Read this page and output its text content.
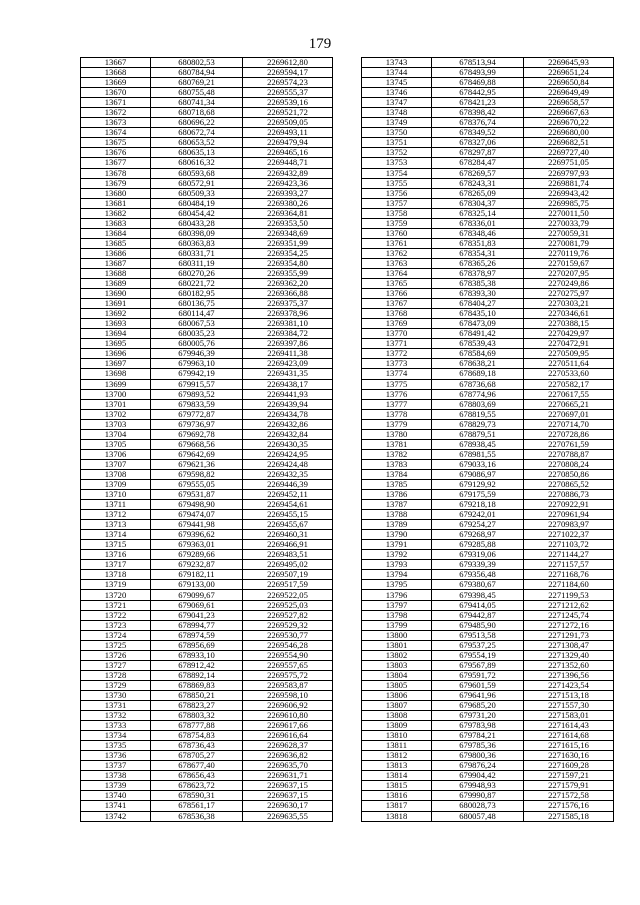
179
13667	680802,53	2269612,80
13668	680784,94	2269594,17
13669	680769,21	2269574,23
13670	680755,48	2269555,37
13671	680741,34	2269539,16
13672	680718,68	2269521,72
13673	680696,22	2269509,05
13674	680672,74	2269493,11
13675	680653,52	2269479,94
13676	680635,13	2269465,16
13677	680616,32	2269448,71
13678	680593,68	2269432,89
13679	680572,91	2269423,36
13680	680509,33	2269393,27
13681	680484,19	2269380,26
13682	680454,42	2269364,81
13683	680433,28	2269353,50
13684	680398,09	2269348,69
13685	680363,83	2269351,99
13686	680331,71	2269354,25
13687	680311,19	2269354,80
13688	680270,26	2269355,99
13689	680221,72	2269362,20
13690	680182,95	2269366,88
13691	680136,75	2269375,37
13692	680114,47	2269378,96
13693	680067,53	2269381,10
13694	680035,23	2269384,72
13695	680005,76	2269397,86
13696	679946,39	2269411,38
13697	679963,10	2269423,09
13698	679942,19	2269431,35
13699	679915,57	2269438,17
13700	679893,52	2269441,93
13701	679833,59	2269439,94
13702	679772,87	2269434,78
13703	679736,97	2269432,86
13704	679692,78	2269432,84
13705	679668,56	2269430,35
13706	679642,69	2269424,95
13707	679621,36	2269424,48
13708	679598,82	2269432,35
13709	679555,05	2269446,39
13710	679531,87	2269452,11
13711	679498,90	2269454,61
13712	679474,07	2269455,15
13713	679441,98	2269455,67
13714	679396,62	2269460,31
13715	679363,01	2269466,91
13716	679289,66	2269483,51
13717	679232,87	2269495,02
13718	679182,11	2269507,19
13719	679133,00	2269517,59
13720	679099,67	2269522,05
13721	679069,61	2269525,03
13722	679041,23	2269527,82
13723	678994,77	2269529,32
13724	678974,59	2269530,77
13725	678956,69	2269546,28
13726	678933,10	2269554,90
13727	678912,42	2269557,65
13728	678892,14	2269575,72
13729	678869,83	2269583,87
13730	678850,21	2269598,10
13731	678823,27	2269606,92
13732	678803,32	2269610,80
13733	678777,88	2269617,66
13734	678754,83	2269616,64
13735	678736,43	2269628,37
13736	678705,27	2269636,82
13737	678677,40	2269635,70
13738	678656,43	2269631,71
13739	678623,72	2269637,15
13740	678590,31	2269637,15
13741	678561,17	2269630,17
13742	678536,38	2269635,55
13743	678513,94	2269645,93
13744	678493,99	2269651,24
13745	678469,88	2269650,84
13746	678442,95	2269649,49
13747	678421,23	2269658,57
13748	678398,42	2269667,63
13749	678376,74	2269670,22
13750	678349,52	2269680,00
13751	678327,06	2269682,51
13752	678297,87	2269727,40
13753	678284,47	2269751,05
13754	678269,57	2269797,93
13755	678243,31	2269881,74
13756	678265,09	2269943,42
13757	678304,37	2269985,75
13758	678325,14	2270011,50
13759	678336,01	2270033,79
13760	678348,46	2270059,31
13761	678351,83	2270081,79
13762	678354,31	2270119,76
13763	678365,26	2270159,67
13764	678378,97	2270207,95
13765	678385,38	2270249,86
13766	678393,30	2270275,97
13767	678404,27	2270303,21
13768	678435,10	2270346,61
13769	678473,09	2270388,15
13770	678491,42	2270429,97
13771	678539,43	2270472,91
13772	678584,69	2270509,95
13773	678638,21	2270511,64
13774	678689,18	2270533,60
13775	678736,68	2270582,17
13776	678774,96	2270617,55
13777	678803,69	2270665,21
13778	678819,55	2270697,01
13779	678829,73	2270714,70
13780	678879,51	2270728,86
13781	678938,45	2270761,59
13782	678981,55	2270788,87
13783	679033,16	2270808,24
13784	679086,97	2270850,86
13785	679129,92	2270865,52
13786	679175,59	2270886,73
13787	679218,18	2270922,91
13788	679242,01	2270961,94
13789	679254,27	2270983,97
13790	679268,97	2271022,37
13791	679285,88	2271103,72
13792	679319,06	2271144,27
13793	679339,39	2271157,57
13794	679356,48	2271168,76
13795	679380,67	2271184,60
13796	679398,45	2271199,53
13797	679414,05	2271212,62
13798	679442,87	2271245,74
13799	679485,90	2271272,16
13800	679513,58	2271291,73
13801	679537,25	2271308,47
13802	679554,19	2271329,40
13803	679567,89	2271352,60
13804	679591,72	2271396,56
13805	679601,59	2271423,54
13806	679641,96	2271513,18
13807	679685,20	2271557,30
13808	679731,20	2271583,01
13809	679783,98	2271614,43
13810	679784,21	2271614,68
13811	679785,36	2271615,16
13812	679800,36	2271630,16
13813	679876,24	2271609,28
13814	679904,42	2271597,21
13815	679948,93	2271579,91
13816	679990,87	2271572,58
13817	680028,73	2271576,16
13818	680057,48	2271585,18
